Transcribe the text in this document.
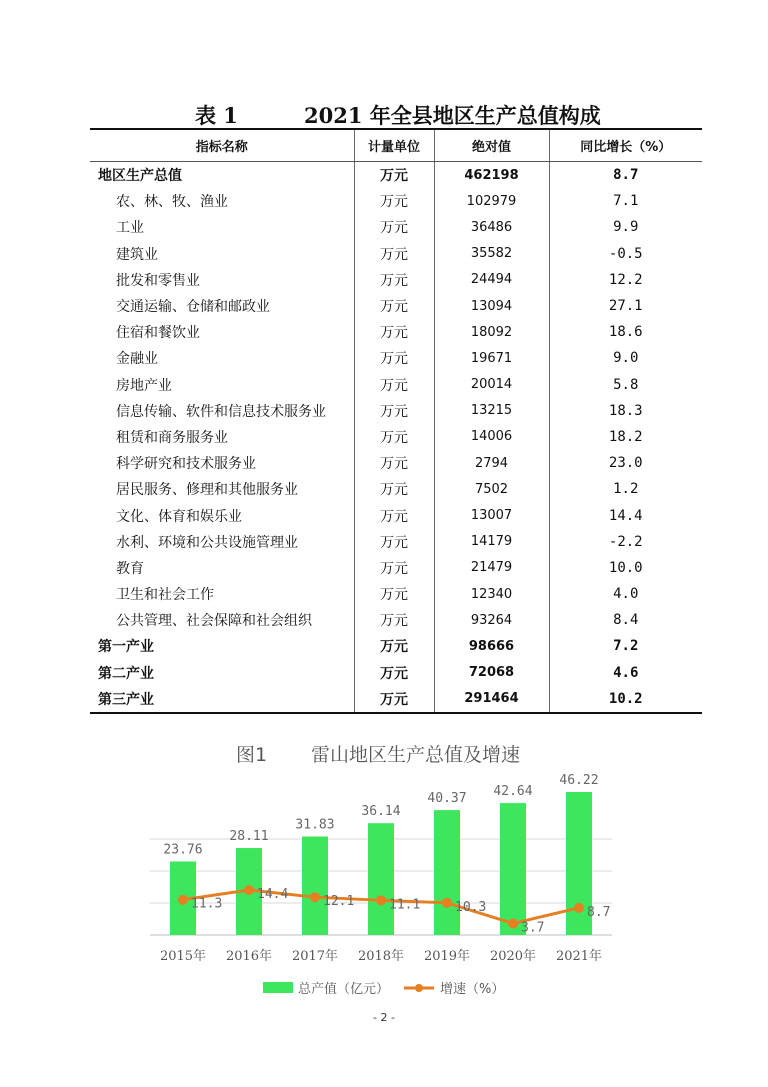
表 1	2021 年全县地区生产总值构成
指标名称	计量单位	绝对值	同比增长（%）
地区生产总值	万元	462198	8.7
农、林、牧、渔业	万元	102979	7.1
工业	万元	36486	9.9
建筑业	万元	35582	-0.5
批发和零售业	万元	24494	12.2
交通运输、仓储和邮政业	万元	13094	27.1
住宿和餐饮业	万元	18092	18.6
金融业	万元	19671	9.0
房地产业	万元	20014	5.8
信息传输、软件和信息技术服务业	万元	13215	18.3
租赁和商务服务业	万元	14006	18.2
科学研究和技术服务业	万元	2794	23.0
居民服务、修理和其他服务业	万元	7502	1.2
文化、体育和娱乐业	万元	13007	14.4
水利、环境和公共设施管理业	万元	14179	-2.2
教育	万元	21479	10.0
卫生和社会工作	万元	12340	4.0
公共管理、社会保障和社会组织	万元	93264	8.4
第一产业	万元	98666	7.2
第二产业	万元	72068	4.6
第三产业	万元	291464	10.2
图1 雷山地区生产总值及增速
23.76
2015年
28.11
2016年
31.83
2017年
36.14
2018年
40.37
2019年
42.64
2020年
46.22
2021年
11.3
14.4	12.1	11.1	10.3
3.7
8.7
总产值（亿元）	增速（%）
- 2 -
